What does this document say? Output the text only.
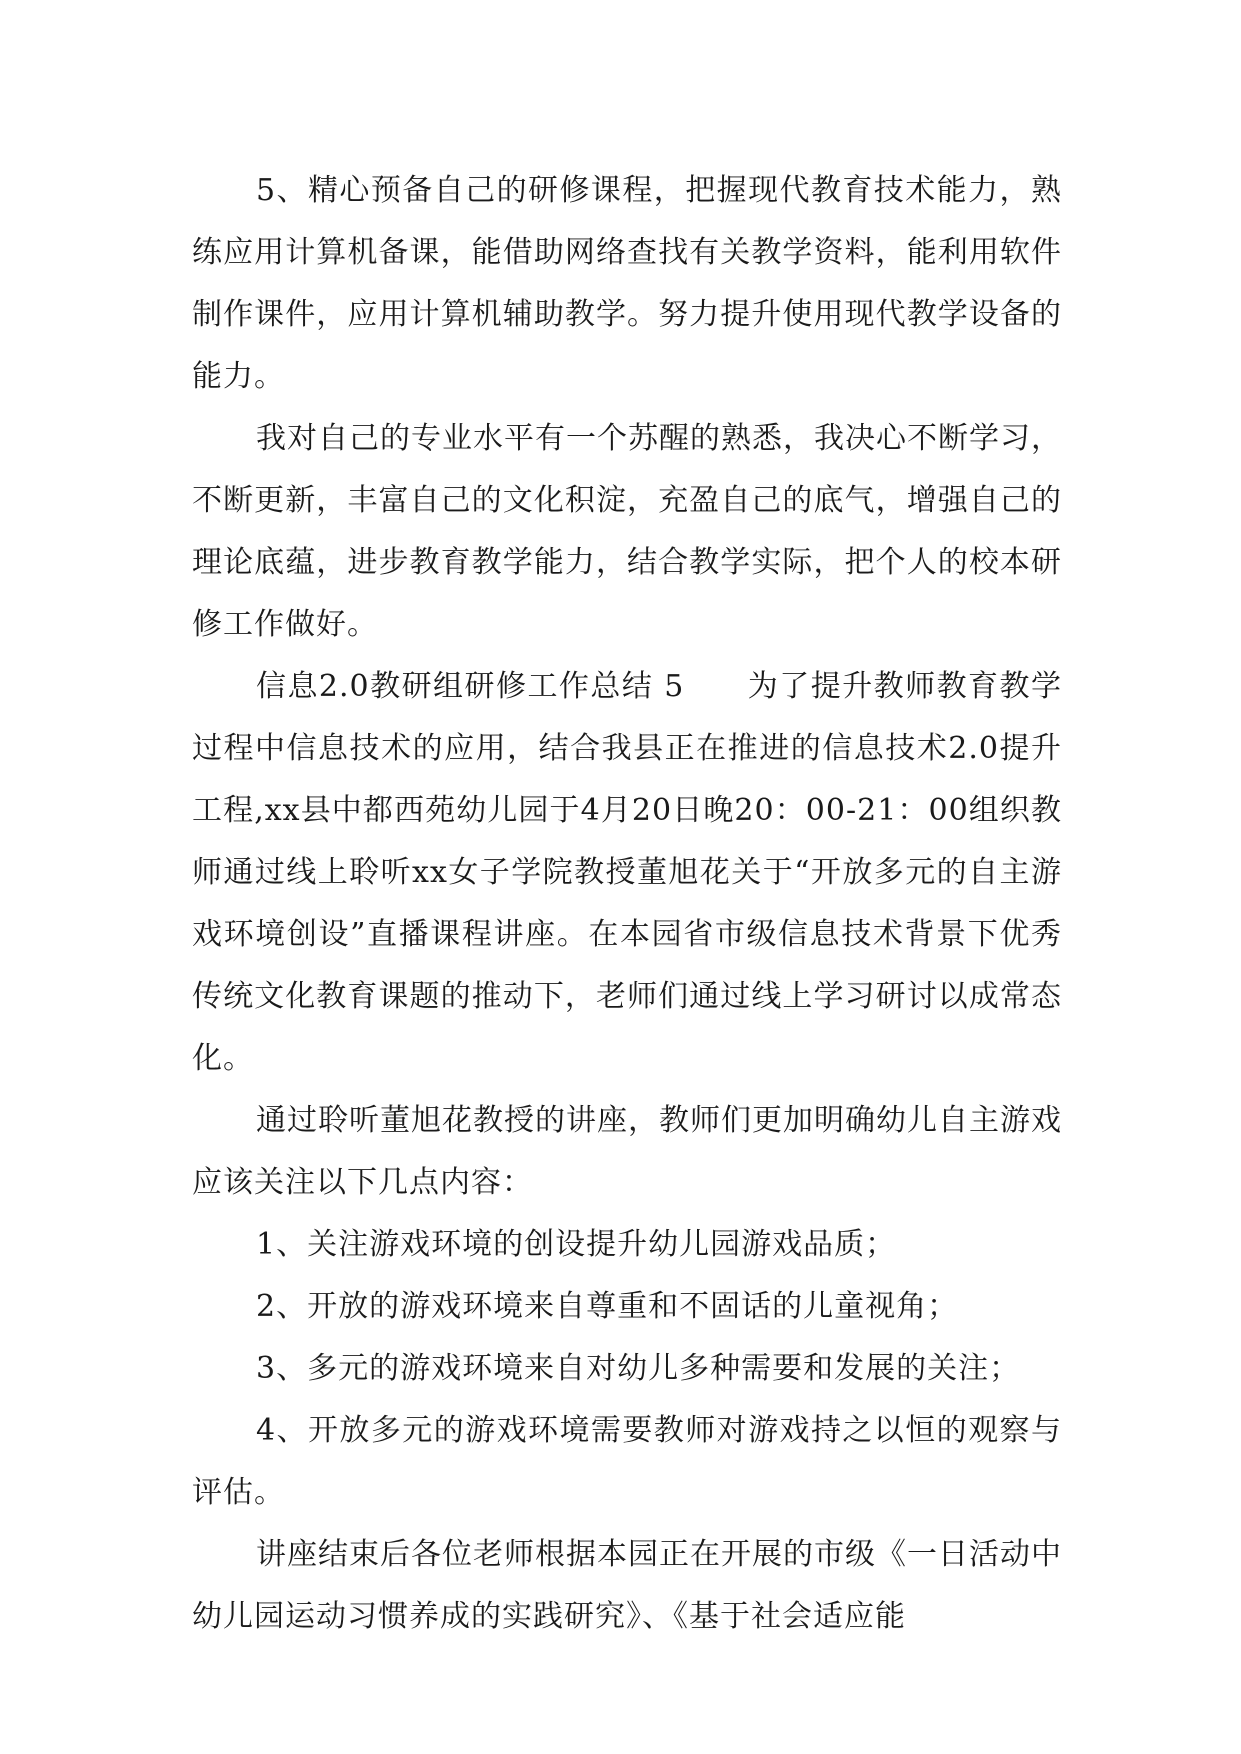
5、精心预备自己的研修课程，把握现代教育技术能力，熟练应用计算机备课，能借助网络查找有关教学资料，能利用软件制作课件，应用计算机辅助教学。努力提升使用现代教学设备的能力。

我对自己的专业水平有一个苏醒的熟悉，我决心不断学习，不断更新，丰富自己的文化积淀，充盈自己的底气，增强自己的理论底蕴，进步教育教学能力，结合教学实际，把个人的校本研修工作做好。

信息2.0教研组研修工作总结 5　　为了提升教师教育教学过程中信息技术的应用，结合我县正在推进的信息技术2.0提升工程,xx县中都西苑幼儿园于4月20日晚20：00-21：00组织教师通过线上聆听xx女子学院教授董旭花关于“开放多元的自主游戏环境创设”直播课程讲座。在本园省市级信息技术背景下优秀传统文化教育课题的推动下，老师们通过线上学习研讨以成常态化。

通过聆听董旭花教授的讲座，教师们更加明确幼儿自主游戏应该关注以下几点内容：

1、关注游戏环境的创设提升幼儿园游戏品质；

2、开放的游戏环境来自尊重和不固话的儿童视角；

3、多元的游戏环境来自对幼儿多种需要和发展的关注；

4、开放多元的游戏环境需要教师对游戏持之以恒的观察与评估。

讲座结束后各位老师根据本园正在开展的市级《一日活动中幼儿园运动习惯养成的实践研究》、《基于社会适应能
